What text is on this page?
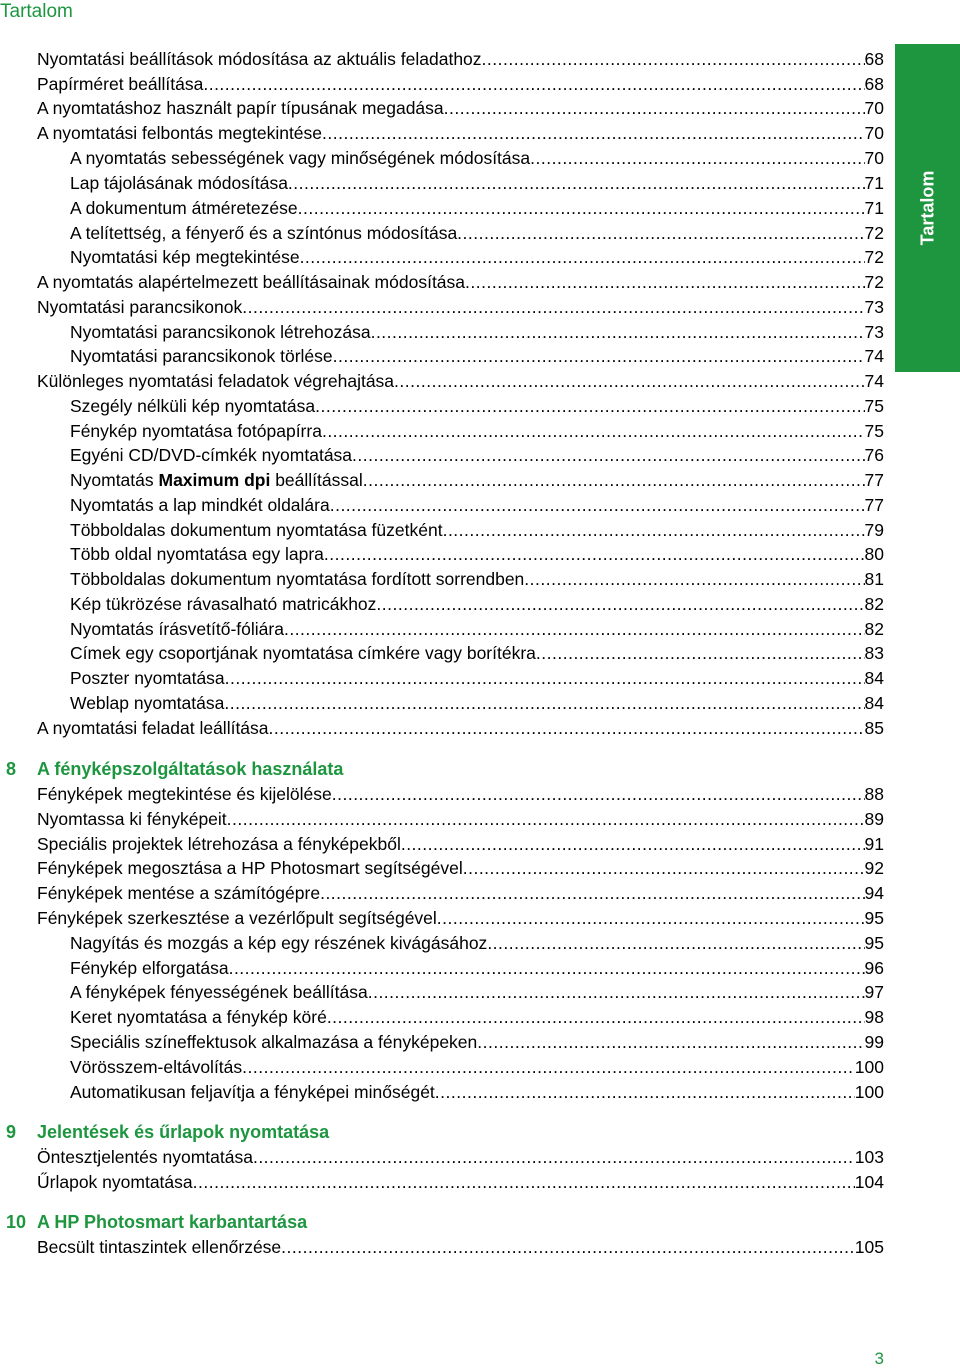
Tartalom
Tartalom
Nyomtatási beállítások módosítása az aktuális feladathoz .....	68
Papírméret beállítása .....	68
A nyomtatáshoz használt papír típusának megadása .....	70
A nyomtatási felbontás megtekintése .....	70
A nyomtatás sebességének vagy minőségének módosítása .....	70
Lap tájolásának módosítása .....	71
A dokumentum átméretezése .....	71
A telítettség, a fényerő és a színtónus módosítása .....	72
Nyomtatási kép megtekintése .....	72
A nyomtatás alapértelmezett beállításainak módosítása .....	72
Nyomtatási parancsikonok .....	73
Nyomtatási parancsikonok létrehozása .....	73
Nyomtatási parancsikonok törlése .....	74
Különleges nyomtatási feladatok végrehajtása .....	74
Szegély nélküli kép nyomtatása .....	75
Fénykép nyomtatása fotópapírra .....	75
Egyéni CD/DVD-címkék nyomtatása .....	76
Nyomtatás Maximum dpi beállítással .....	77
Nyomtatás a lap mindkét oldalára .....	77
Többoldalas dokumentum nyomtatása füzetként .....	79
Több oldal nyomtatása egy lapra .....	80
Többoldalas dokumentum nyomtatása fordított sorrendben .....	81
Kép tükrözése rávasalható matricákhoz .....	82
Nyomtatás írásvetítő-fóliára .....	82
Címek egy csoportjának nyomtatása címkére vagy borítékra .....	83
Poszter nyomtatása .....	84
Weblap nyomtatása .....	84
A nyomtatási feladat leállítása .....	85
8 A fényképszolgáltatások használata
Fényképek megtekintése és kijelölése .....	88
Nyomtassa ki fényképeit .....	89
Speciális projektek létrehozása a fényképekből .....	91
Fényképek megosztása a HP Photosmart segítségével .....	92
Fényképek mentése a számítógépre .....	94
Fényképek szerkesztése a vezérlőpult segítségével .....	95
Nagyítás és mozgás a kép egy részének kivágásához .....	95
Fénykép elforgatása .....	96
A fényképek fényességének beállítása .....	97
Keret nyomtatása a fénykép köré .....	98
Speciális színeffektusok alkalmazása a fényképeken .....	99
Vörösszem-eltávolítás .....	100
Automatikusan feljavítja a fényképei minőségét .....	100
9 Jelentések és űrlapok nyomtatása
Öntesztjelentés nyomtatása .....	103
Űrlapok nyomtatása .....	104
10 A HP Photosmart karbantartása
Becsült tintaszintek ellenőrzése .....	105
3
